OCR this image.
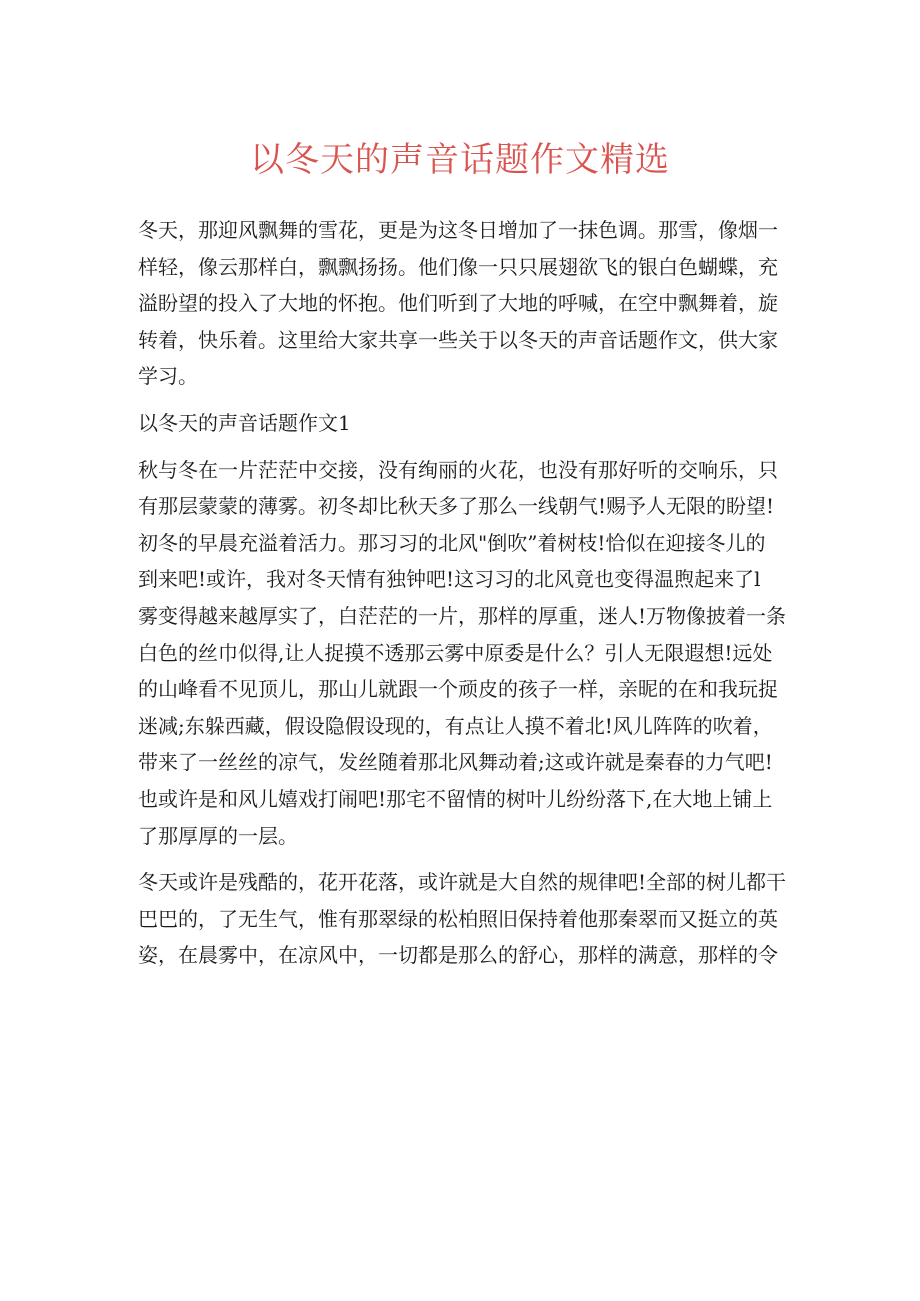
以冬天的声音话题作文精选
冬天，那迎风飘舞的雪花，更是为这冬日增加了一抹色调。那雪，像烟一
样轻，像云那样白，飘飘扬扬。他们像一只只展翅欲飞的银白色蝴蝶，充
溢盼望的投入了大地的怀抱。他们听到了大地的呼喊，在空中飘舞着，旋
转着，快乐着。这里给大家共享一些关于以冬天的声音话题作文，供大家
学习。
以冬天的声音话题作文1
秋与冬在一片茫茫中交接，没有绚丽的火花，也没有那好听的交响乐，只
有那层蒙蒙的薄雾。初冬却比秋天多了那么一线朝气!赐予人无限的盼望!
初冬的早晨充溢着活力。那习习的北风"倒吹”着树枝!恰似在迎接冬儿的
到来吧!或许，我对冬天情有独钟吧!这习习的北风竟也变得温煦起来了l
雾变得越来越厚实了，白茫茫的一片，那样的厚重，迷人!万物像披着一条
白色的丝巾似得,让人捉摸不透那云雾中原委是什么？引人无限遐想!远处
的山峰看不见顶儿，那山儿就跟一个顽皮的孩子一样，亲昵的在和我玩捉
迷减;东躲西藏，假设隐假设现的，有点让人摸不着北!风儿阵阵的吹着，
带来了一丝丝的凉气，发丝随着那北风舞动着;这或许就是秦春的力气吧!
也或许是和风儿嬉戏打闹吧!那宅不留情的树叶儿纷纷落下,在大地上铺上
了那厚厚的一层。
冬天或许是残酷的，花开花落，或许就是大自然的规律吧!全部的树儿都干
巴巴的，了无生气，惟有那翠绿的松柏照旧保持着他那秦翠而又挺立的英
姿，在晨雾中，在凉风中，一切都是那么的舒心，那样的满意，那样的令
